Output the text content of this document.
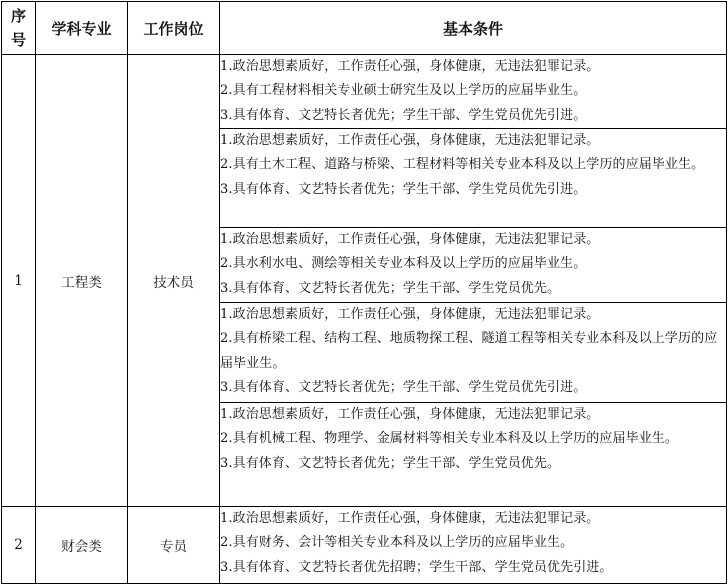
序
号	学科专业	工作岗位	基本条件
1	工程类	技术员	1.政治思想素质好，工作责任心强，身体健康，无违法犯罪记录。
2.具有工程材料相关专业硕士研究生及以上学历的应届毕业生。
3.具有体育、文艺特长者优先；学生干部、学生党员优先引进。

			1.政治思想素质好，工作责任心强，身体健康，无违法犯罪记录。
2.具有土木工程、道路与桥梁、工程材料等相关专业本科及以上学历的应届毕业生。
3.具有体育、文艺特长者优先；学生干部、学生党员优先引进。

			1.政治思想素质好，工作责任心强，身体健康，无违法犯罪记录。
2.具水利水电、测绘等相关专业本科及以上学历的应届毕业生。
3.具有体育、文艺特长者优先；学生干部、学生党员优先。

			1.政治思想素质好，工作责任心强，身体健康，无违法犯罪记录。
2.具有桥梁工程、结构工程、地质物探工程、隧道工程等相关专业本科及以上学历的应届毕业生。
3.具有体育、文艺特长者优先；学生干部、学生党员优先引进。

			1.政治思想素质好，工作责任心强，身体健康，无违法犯罪记录。
2.具有机械工程、物理学、金属材料等相关专业本科及以上学历的应届毕业生。
3.具有体育、文艺特长者优先；学生干部、学生党员优先。

2	财会类	专员	1.政治思想素质好，工作责任心强，身体健康，无违法犯罪记录。
2.具有财务、会计等相关专业本科及以上学历的应届毕业生。
3.具有体育、文艺特长者优先招聘；学生干部、学生党员优先引进。
